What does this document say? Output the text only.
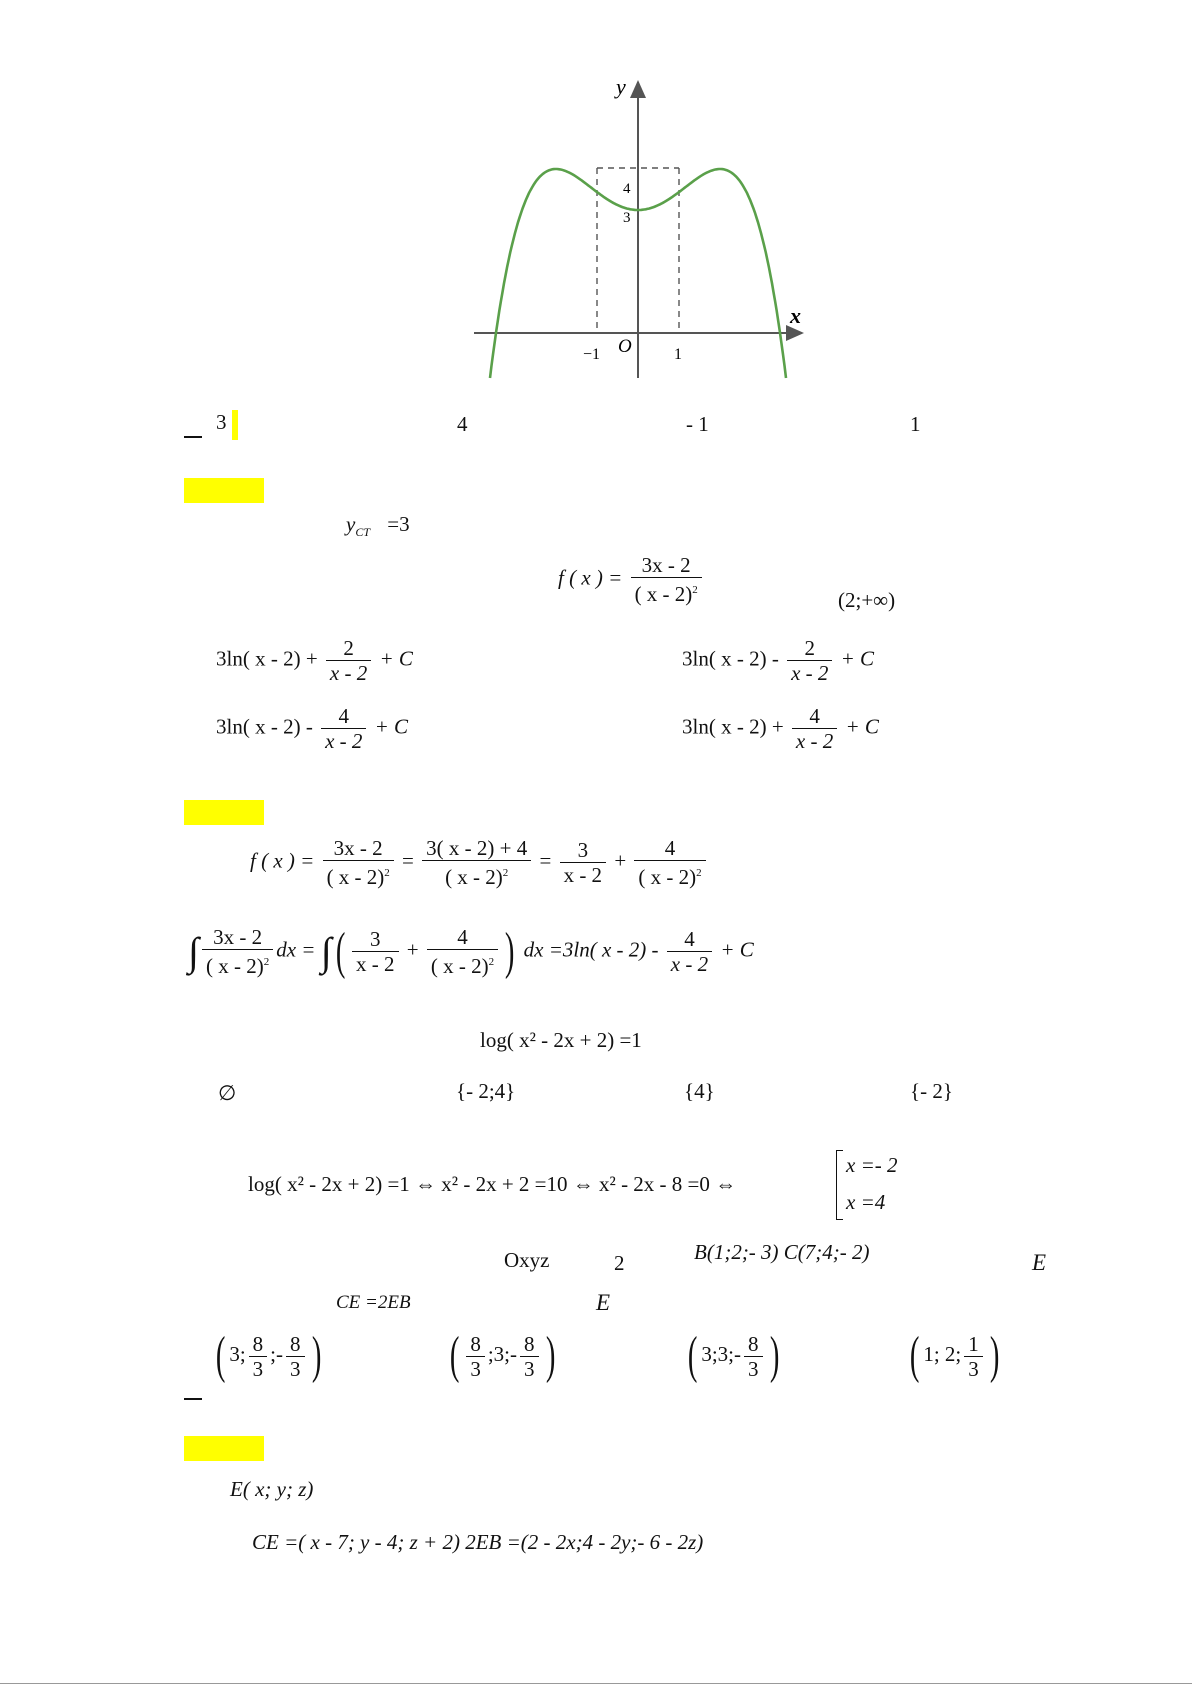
y
x
O
−1	1
4
3
3	4	- 1	1
$y_{CT} =3$
f ( x ) = $\frac{3x - 2}{( x - 2)^2}$	(2;+∞)
3ln( $x - 2) + \frac{2}{x - 2} + C$	3ln( $x - 2) - \frac{2}{x - 2} + C$
3ln( $x - 2) - \frac{4}{x - 2} + C$	3ln( $x - 2) + \frac{4}{x - 2} + C$
f ( x ) = $\frac{3x - 2}{( x - 2)^2} = \frac{3( x - 2) + 4}{( x - 2)^2} = \frac{3}{x - 2} + \frac{4}{( x - 2)^2}$
∫ $\frac{3x - 2}{( x - 2)^2}$ dx = ∫( $\frac{3}{x - 2} + \frac{4}{( x - 2)^2}$ ) dx =3ln( $x - 2) - \frac{4}{x - 2} + C$
log( x² - 2x + 2) =1
∅	{- 2;4}	{4}	{- 2}
log( x² - 2x + 2) =1 ⇔ x² - 2x + 2 =10 ⇔ x² - 2x - 8 =0 ⇔
x =- 2
x =4
Oxyz	2	B(1;2;- 3) C(7;4;- 2)	E
CE =2EB	E
( 3; $\frac{8}{3}$ ;- $\frac{8}{3}$ ) ( $\frac{8}{3}$ ;3;- $\frac{8}{3}$ )	( 3;3;- $\frac{8}{3}$ )	( 1; 2; $\frac{1}{3}$ )
E( x; y; z)
CE =( x - 7; y - 4; z + 2) 2EB =(2 - 2x;4 - 2y;- 6 - 2z)
